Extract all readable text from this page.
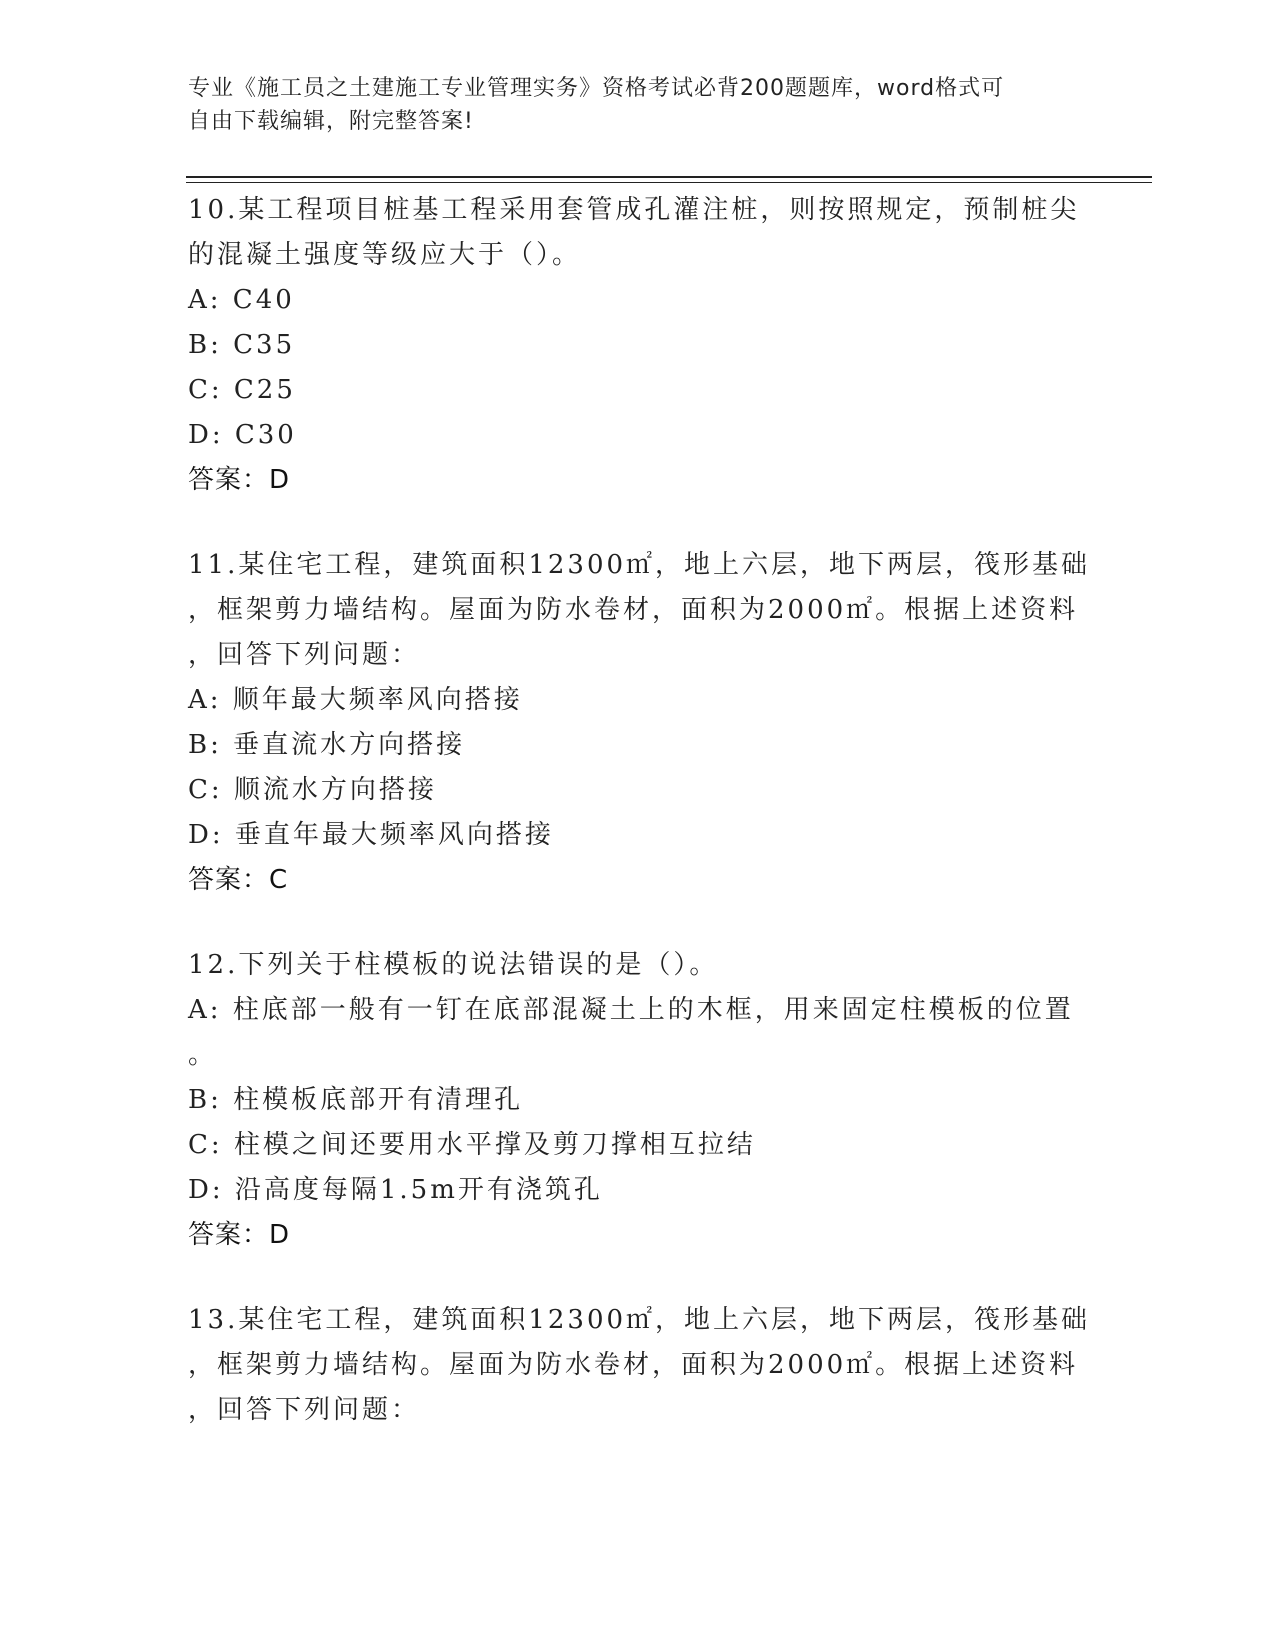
专业《施工员之土建施工专业管理实务》资格考试必背200题题库，word格式可
自由下载编辑，附完整答案!
10.某工程项目桩基工程采用套管成孔灌注桩，则按照规定，预制桩尖
的混凝土强度等级应大于（）。
A: C40
B: C35
C: C25
D: C30
答案：D
11.某住宅工程，建筑面积12300㎡，地上六层，地下两层，筏形基础
，框架剪力墙结构。屋面为防水卷材，面积为2000㎡。根据上述资料
，回答下列问题：
A: 顺年最大频率风向搭接
B: 垂直流水方向搭接
C: 顺流水方向搭接
D: 垂直年最大频率风向搭接
答案：C
12.下列关于柱模板的说法错误的是（）。
A: 柱底部一般有一钉在底部混凝土上的木框，用来固定柱模板的位置
。
B: 柱模板底部开有清理孔
C: 柱模之间还要用水平撑及剪刀撑相互拉结
D: 沿高度每隔1.5m开有浇筑孔
答案：D
13.某住宅工程，建筑面积12300㎡，地上六层，地下两层，筏形基础
，框架剪力墙结构。屋面为防水卷材，面积为2000㎡。根据上述资料
，回答下列问题：
